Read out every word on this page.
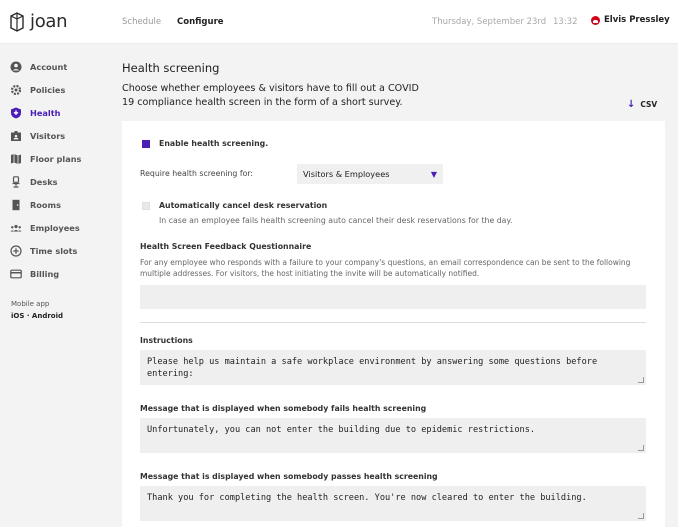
joan	Schedule Configure	Thursday, September 23rd 13:32	Elvis Pressley
Account
Policies
Health
Visitors
Floor plans
Desks
Rooms
Employees
Time slots
Billing
Mobile app
iOS · Android
Health screening
Choose whether employees & visitors have to fill out a COVID 19 compliance health screen in the form of a short survey.	↓ CSV
Enable health screening.
Require health screening for:	Visitors & Employees	▼
Automatically cancel desk reservation
In case an employee fails health screening auto cancel their desk reservations for the day.
Health Screen Feedback Questionnaire
For any employee who responds with a failure to your company's questions, an email correspondence can be sent to the following multiple addresses. For visitors, the host initiating the invite will be automatically notified.
Instructions
Please help us maintain a safe workplace environment by answering some questions before entering:
Message that is displayed when somebody fails health screening
Unfortunately, you can not enter the building due to epidemic restrictions.
Message that is displayed when somebody passes health screening
Thank you for completing the health screen. You're now cleared to enter the building.
